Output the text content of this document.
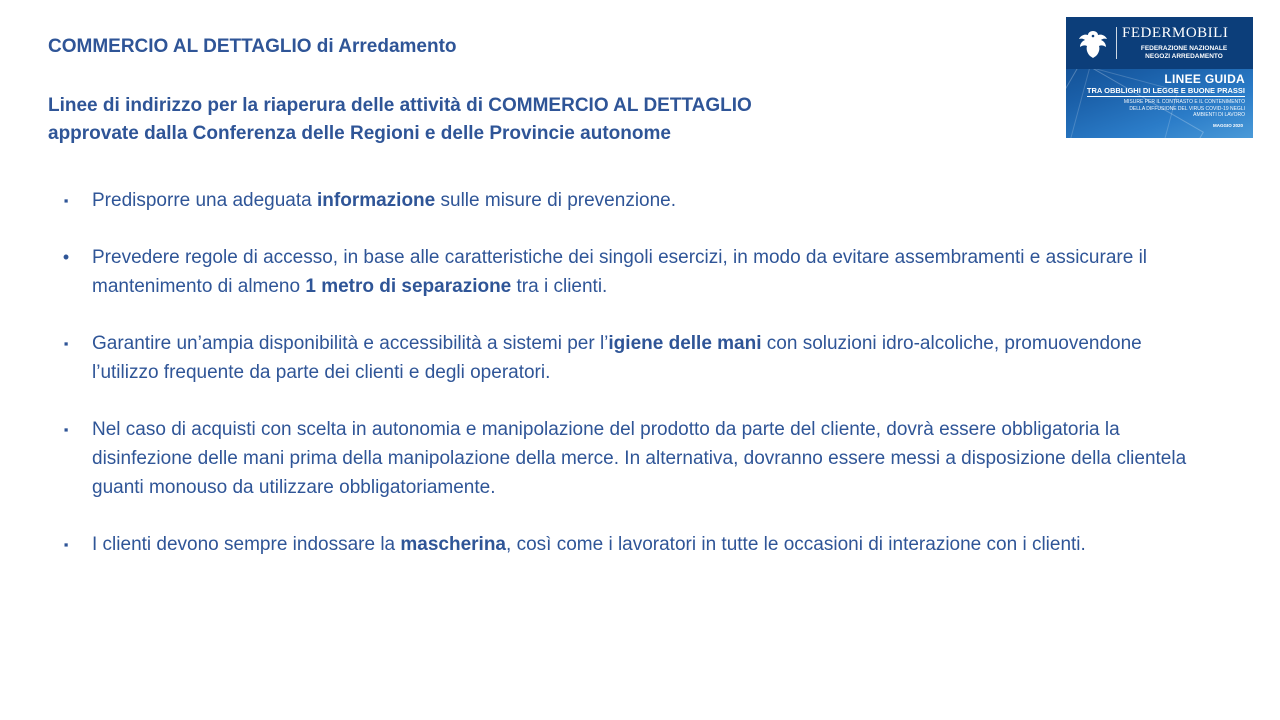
COMMERCIO AL DETTAGLIO di Arredamento

Linee di indirizzo per la riaperura delle attività di COMMERCIO AL DETTAGLIO
approvate dalla Conferenza delle Regioni e delle Provincie autonome

FEDERMOBILI
FEDERAZIONE NAZIONALE NEGOZI ARREDAMENTO
LINEE GUIDA
TRA OBBLIGHI DI LEGGE E BUONE PRASSI
MISURE PER IL CONTRASTO E IL CONTENIMENTO DELLA DIFFUSIONE DEL VIRUS COVID-19 NEGLI AMBIENTI DI LAVORO
MAGGIO 2020
▪ Predisporre una adeguata informazione sulle misure di prevenzione.
• Prevedere regole di accesso, in base alle caratteristiche dei singoli esercizi, in modo da evitare assembramenti e assicurare il mantenimento di almeno 1 metro di separazione tra i clienti.
▪ Garantire un’ampia disponibilità e accessibilità a sistemi per l’igiene delle mani con soluzioni idro-alcoliche, promuovendone l’utilizzo frequente da parte dei clienti e degli operatori.
▪ Nel caso di acquisti con scelta in autonomia e manipolazione del prodotto da parte del cliente, dovrà essere obbligatoria la disinfezione delle mani prima della manipolazione della merce. In alternativa, dovranno essere messi a disposizione della clientela guanti monouso da utilizzare obbligatoriamente.
▪ I clienti devono sempre indossare la mascherina, così come i lavoratori in tutte le occasioni di interazione con i clienti.
